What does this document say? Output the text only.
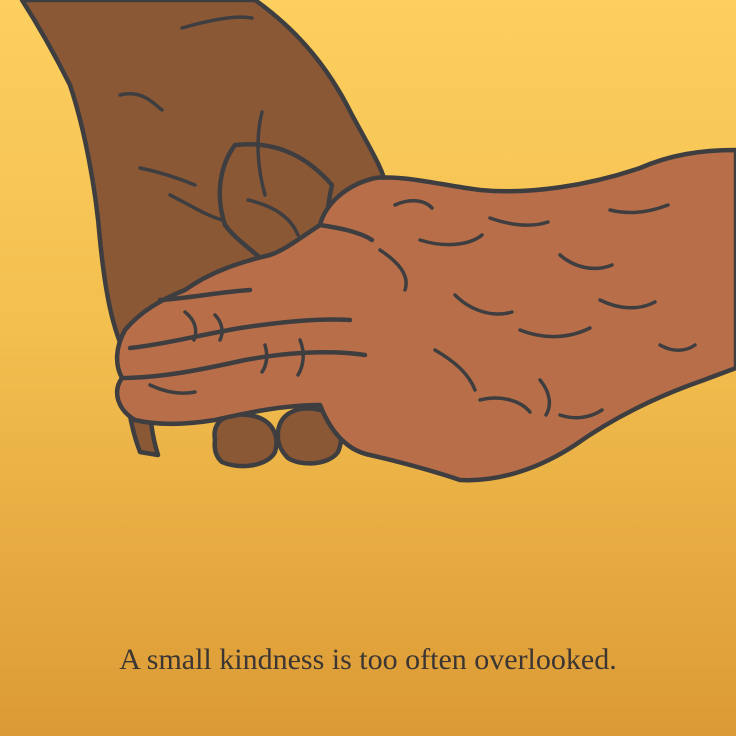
A small kindness is too often overlooked.
